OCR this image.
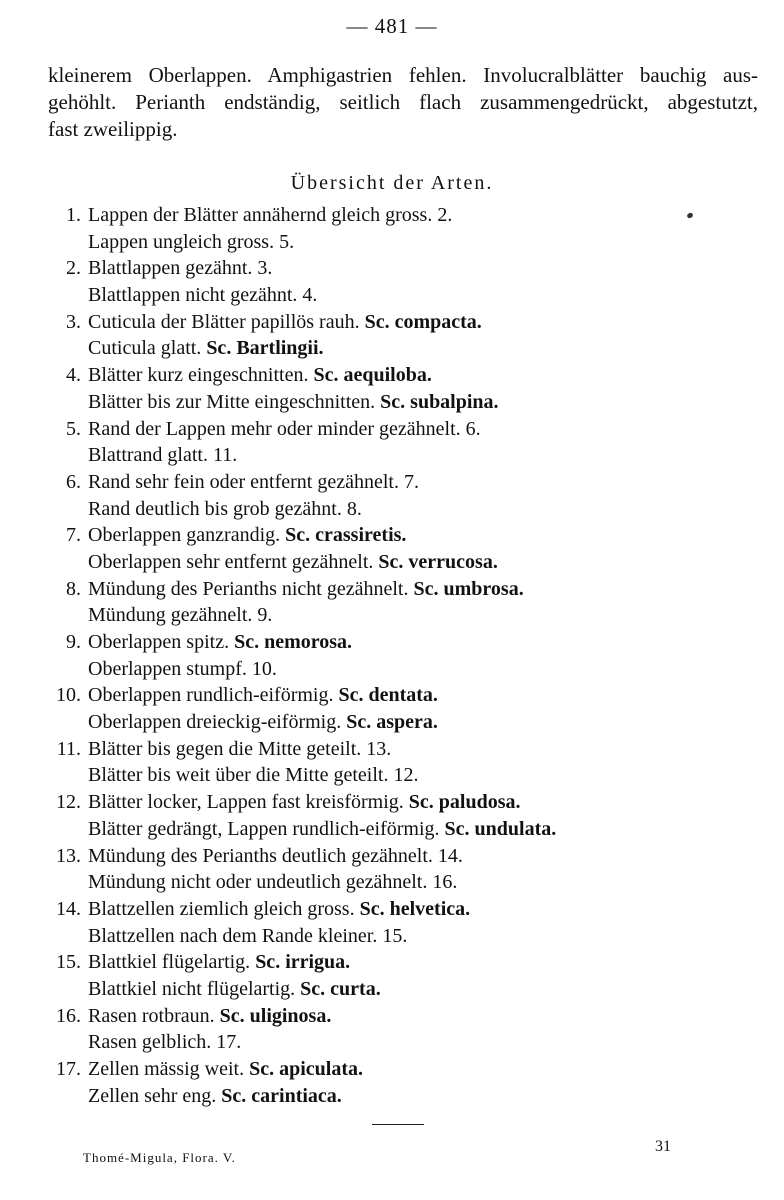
— 481 —
kleinerem Oberlappen. Amphigastrien fehlen. Involucralblätter bauchig aus-
gehöhlt. Perianth endständig, seitlich flach zusammengedrückt, abgestutzt,
fast zweilippig.
Übersicht der Arten.
1. Lappen der Blätter annähernd gleich gross. 2.
Lappen ungleich gross. 5.
2. Blattlappen gezähnt. 3.
Blattlappen nicht gezähnt. 4.
3. Cuticula der Blätter papillös rauh. Sc. compacta.
Cuticula glatt. Sc. Bartlingii.
4. Blätter kurz eingeschnitten. Sc. aequiloba.
Blätter bis zur Mitte eingeschnitten. Sc. subalpina.
5. Rand der Lappen mehr oder minder gezähnelt. 6.
Blattrand glatt. 11.
6. Rand sehr fein oder entfernt gezähnelt. 7.
Rand deutlich bis grob gezähnt. 8.
7. Oberlappen ganzrandig. Sc. crassiretis.
Oberlappen sehr entfernt gezähnelt. Sc. verrucosa.
8. Mündung des Perianths nicht gezähnelt. Sc. umbrosa.
Mündung gezähnelt. 9.
9. Oberlappen spitz. Sc. nemorosa.
Oberlappen stumpf. 10.
10. Oberlappen rundlich-eiförmig. Sc. dentata.
Oberlappen dreieckig-eiförmig. Sc. aspera.
11. Blätter bis gegen die Mitte geteilt. 13.
Blätter bis weit über die Mitte geteilt. 12.
12. Blätter locker, Lappen fast kreisförmig. Sc. paludosa.
Blätter gedrängt, Lappen rundlich-eiförmig. Sc. undulata.
13. Mündung des Perianths deutlich gezähnelt. 14.
Mündung nicht oder undeutlich gezähnelt. 16.
14. Blattzellen ziemlich gleich gross. Sc. helvetica.
Blattzellen nach dem Rande kleiner. 15.
15. Blattkiel flügelartig. Sc. irrigua.
Blattkiel nicht flügelartig. Sc. curta.
16. Rasen rotbraun. Sc. uliginosa.
Rasen gelblich. 17.
17. Zellen mässig weit. Sc. apiculata.
Zellen sehr eng. Sc. carintiaca.
Thomé-Migula, Flora. V.
31
